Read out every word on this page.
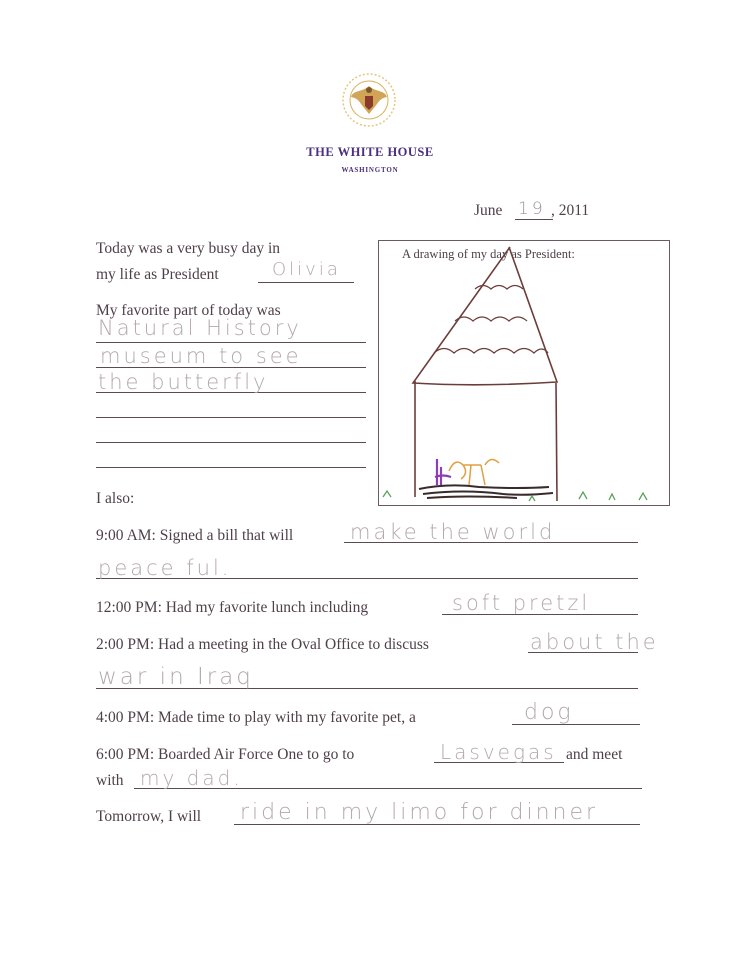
THE WHITE HOUSE
WASHINGTON
June 19 , 2011
Today was a very busy day in
my life as President	Olivia
My favorite part of today was
Natural History
museum to see
the butterfly
A drawing of my day as President:
I also:
9:00 AM: Signed a bill that will	make the world
peace ful.
12:00 PM: Had my favorite lunch including	soft pretzl
2:00 PM: Had a meeting in the Oval Office to discuss	about the
war in Iraq
4:00 PM: Made time to play with my favorite pet, a	dog
6:00 PM: Boarded Air Force One to go to	Lasvegas and meet
with my dad.
Tomorrow, I will ride in my limo for dinner
